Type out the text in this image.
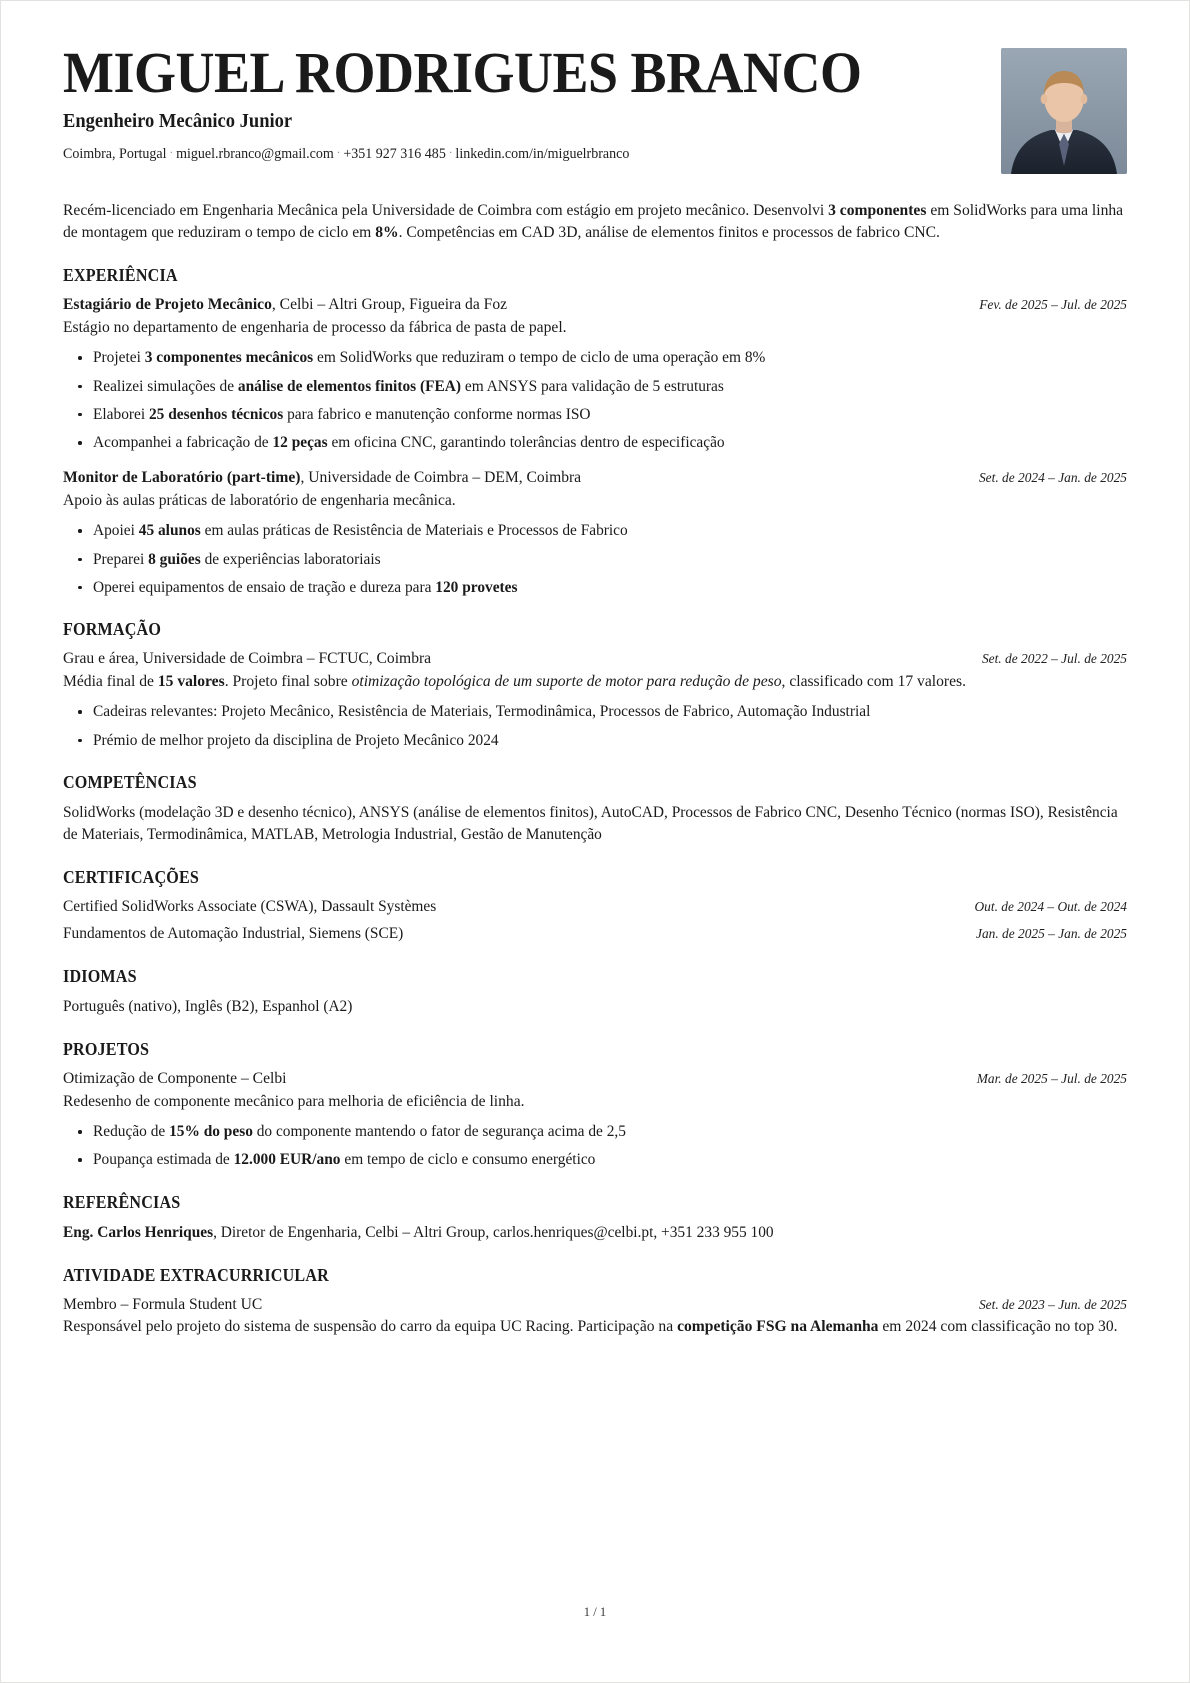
MIGUEL RODRIGUES BRANCO
Engenheiro Mecânico Junior
Coimbra, Portugal · miguel.rbranco@gmail.com · +351 927 316 485 · linkedin.com/in/miguelrbranco
Recém-licenciado em Engenharia Mecânica pela Universidade de Coimbra com estágio em projeto mecânico. Desenvolvi 3 componentes em SolidWorks para uma linha de montagem que reduziram o tempo de ciclo em 8%. Competências em CAD 3D, análise de elementos finitos e processos de fabrico CNC.
EXPERIÊNCIA
Estagiário de Projeto Mecânico, Celbi – Altri Group, Figueira da Foz	Fev. de 2025 – Jul. de 2025
Estágio no departamento de engenharia de processo da fábrica de pasta de papel.
Projetei 3 componentes mecânicos em SolidWorks que reduziram o tempo de ciclo de uma operação em 8%
Realizei simulações de análise de elementos finitos (FEA) em ANSYS para validação de 5 estruturas
Elaborei 25 desenhos técnicos para fabrico e manutenção conforme normas ISO
Acompanhei a fabricação de 12 peças em oficina CNC, garantindo tolerâncias dentro de especificação
Monitor de Laboratório (part-time), Universidade de Coimbra – DEM, Coimbra	Set. de 2024 – Jan. de 2025
Apoio às aulas práticas de laboratório de engenharia mecânica.
Apoiei 45 alunos em aulas práticas de Resistência de Materiais e Processos de Fabrico
Preparei 8 guiões de experiências laboratoriais
Operei equipamentos de ensaio de tração e dureza para 120 provetes
FORMAÇÃO
Grau e área, Universidade de Coimbra – FCTUC, Coimbra	Set. de 2022 – Jul. de 2025
Média final de 15 valores. Projeto final sobre otimização topológica de um suporte de motor para redução de peso, classificado com 17 valores.
Cadeiras relevantes: Projeto Mecânico, Resistência de Materiais, Termodinâmica, Processos de Fabrico, Automação Industrial
Prémio de melhor projeto da disciplina de Projeto Mecânico 2024
COMPETÊNCIAS
SolidWorks (modelação 3D e desenho técnico), ANSYS (análise de elementos finitos), AutoCAD, Processos de Fabrico CNC, Desenho Técnico (normas ISO), Resistência de Materiais, Termodinâmica, MATLAB, Metrologia Industrial, Gestão de Manutenção
CERTIFICAÇÕES
Certified SolidWorks Associate (CSWA), Dassault Systèmes	Out. de 2024 – Out. de 2024
Fundamentos de Automação Industrial, Siemens (SCE)	Jan. de 2025 – Jan. de 2025
IDIOMAS
Português (nativo), Inglês (B2), Espanhol (A2)
PROJETOS
Otimização de Componente – Celbi	Mar. de 2025 – Jul. de 2025
Redesenho de componente mecânico para melhoria de eficiência de linha.
Redução de 15% do peso do componente mantendo o fator de segurança acima de 2,5
Poupança estimada de 12.000 EUR/ano em tempo de ciclo e consumo energético
REFERÊNCIAS
Eng. Carlos Henriques, Diretor de Engenharia, Celbi – Altri Group, carlos.henriques@celbi.pt, +351 233 955 100
ATIVIDADE EXTRACURRICULAR
Membro – Formula Student UC	Set. de 2023 – Jun. de 2025
Responsável pelo projeto do sistema de suspensão do carro da equipa UC Racing. Participação na competição FSG na Alemanha em 2024 com classificação no top 30.
1 / 1
